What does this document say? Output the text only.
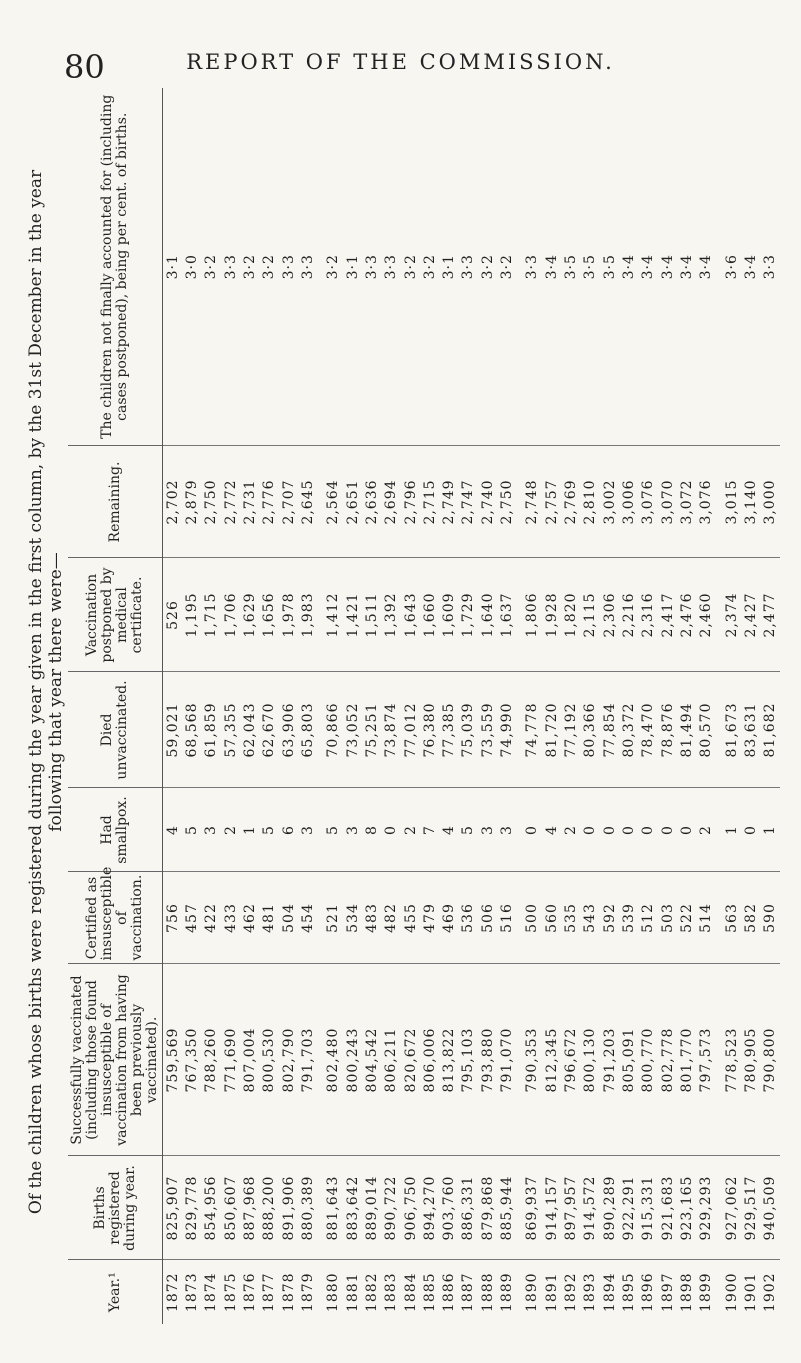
80	REPORT OF THE COMMISSION.
Of the children whose births were registered during the year given in the first column, by the 31st December in the year
following that year there were—
Year.¹	Births registered during year.	Successfully vaccinated (including those found insusceptible of vaccination from having been previously vaccinated).	Certified as insusceptible of vaccination.	Had smallpox.	Died unvaccinated.	Vaccination postponed by medical certificate.	Remaining.	The children not finally accounted for (including cases postponed), being per cent. of births.
1872	825,907	759,569	756	4	59,021	526	2,702	3·1
1873	829,778	767,350	457	5	68,568	1,195	2,879	3·0
1874	854,956	788,260	422	3	61,859	1,715	2,750	3·2
1875	850,607	771,690	433	2	57,355	1,706	2,772	3·3
1876	887,968	807,004	462	1	62,043	1,629	2,731	3·2
1877	888,200	800,530	481	5	62,670	1,656	2,776	3·2
1878	891,906	802,790	504	6	63,906	1,978	2,707	3·3
1879	880,389	791,703	454	3	65,803	1,983	2,645	3·3

1880	881,643	802,480	521	5	70,866	1,412	2,564	3·2
1881	883,642	800,243	534	3	73,052	1,421	2,651	3·1
1882	889,014	804,542	483	8	75,251	1,511	2,636	3·3
1883	890,722	806,211	482	0	73,874	1,392	2,694	3·3
1884	906,750	820,672	455	2	77,012	1,643	2,796	3·2
1885	894,270	806,006	479	7	76,380	1,660	2,715	3·2
1886	903,760	813,822	469	4	77,385	1,609	2,749	3·1
1887	886,331	795,103	536	5	75,039	1,729	2,747	3·3
1888	879,868	793,880	506	3	73,559	1,640	2,740	3·2
1889	885,944	791,070	516	3	74,990	1,637	2,750	3·2

1890	869,937	790,353	500	0	74,778	1,806	2,748	3·3
1891	914,157	812,345	560	4	81,720	1,928	2,757	3·4
1892	897,957	796,672	535	2	77,192	1,820	2,769	3·5
1893	914,572	800,130	543	0	80,366	2,115	2,810	3·5
1894	890,289	791,203	592	0	77,854	2,306	3,002	3·5
1895	922,291	805,091	539	0	80,372	2,216	3,006	3·4
1896	915,331	800,770	512	0	78,470	2,316	3,076	3·4
1897	921,683	802,778	503	0	78,876	2,417	3,070	3·4
1898	923,165	801,770	522	0	81,494	2,476	3,072	3·4
1899	929,293	797,573	514	2	80,570	2,460	3,076	3·4

1900	927,062	778,523	563	1	81,673	2,374	3,015	3·6
1901	929,517	780,905	582	0	83,631	2,427	3,140	3·4
1902	940,509	790,800	590	1	81,682	2,477	3,000	3·3
